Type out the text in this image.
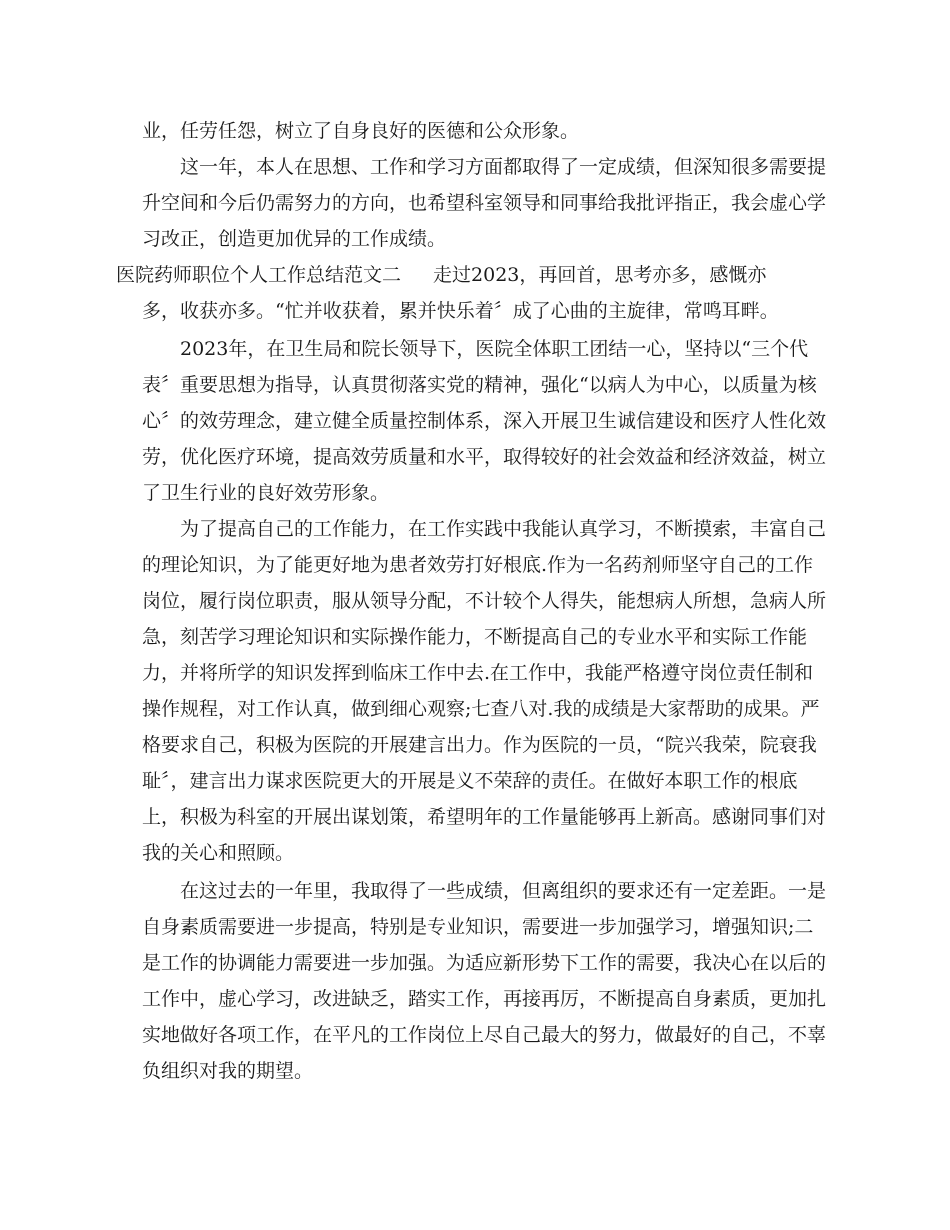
业，任劳任怨，树立了自身良好的医德和公众形象。
这一年，本人在思想、工作和学习方面都取得了一定成绩，但深知很多需要提
升空间和今后仍需努力的方向，也希望科室领导和同事给我批评指正，我会虚心学
习改正，创造更加优异的工作成绩。
医院药师职位个人工作总结范文二 走过2023，再回首，思考亦多，感慨亦
多，收获亦多。“忙并收获着，累并快乐着〞成了心曲的主旋律，常鸣耳畔。
2023年，在卫生局和院长领导下，医院全体职工团结一心，坚持以“三个代
表〞重要思想为指导，认真贯彻落实党的精神，强化“以病人为中心，以质量为核
心〞的效劳理念，建立健全质量控制体系，深入开展卫生诚信建设和医疗人性化效
劳，优化医疗环境，提高效劳质量和水平，取得较好的社会效益和经济效益，树立
了卫生行业的良好效劳形象。
为了提高自己的工作能力，在工作实践中我能认真学习，不断摸索，丰富自己
的理论知识，为了能更好地为患者效劳打好根底.作为一名药剂师坚守自己的工作
岗位，履行岗位职责，服从领导分配，不计较个人得失，能想病人所想，急病人所
急，刻苦学习理论知识和实际操作能力，不断提高自己的专业水平和实际工作能
力，并将所学的知识发挥到临床工作中去.在工作中，我能严格遵守岗位责任制和
操作规程，对工作认真，做到细心观察;七查八对.我的成绩是大家帮助的成果。严
格要求自己，积极为医院的开展建言出力。作为医院的一员，“院兴我荣，院衰我
耻〞，建言出力谋求医院更大的开展是义不荣辞的责任。在做好本职工作的根底
上，积极为科室的开展出谋划策，希望明年的工作量能够再上新高。感谢同事们对
我的关心和照顾。
在这过去的一年里，我取得了一些成绩，但离组织的要求还有一定差距。一是
自身素质需要进一步提高，特别是专业知识，需要进一步加强学习，增强知识;二
是工作的协调能力需要进一步加强。为适应新形势下工作的需要，我决心在以后的
工作中，虚心学习，改进缺乏，踏实工作，再接再厉，不断提高自身素质，更加扎
实地做好各项工作，在平凡的工作岗位上尽自己最大的努力，做最好的自己，不辜
负组织对我的期望。
